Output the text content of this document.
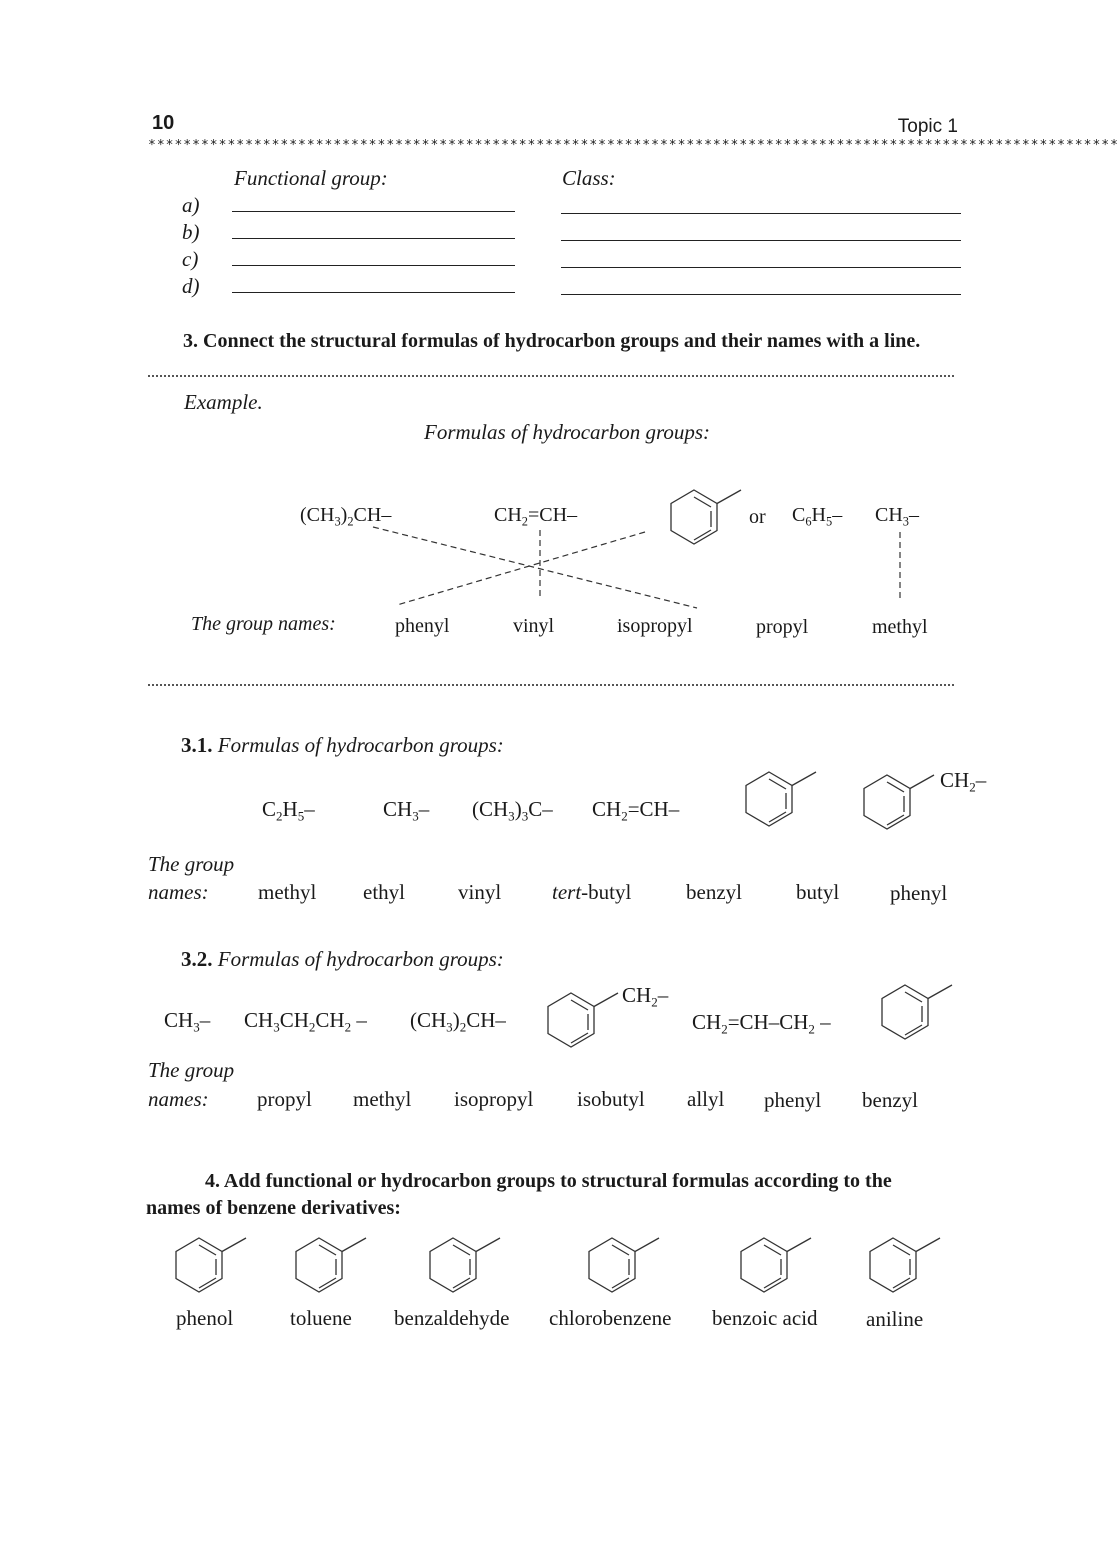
10	Topic 1
**************************************************************************************************************
Functional group:	Class:
a)
b)
c)
d)
3. Connect the structural formulas of hydrocarbon groups and their names with a line.
Example.
Formulas of hydrocarbon groups:
$(CH_3)_2CH-$	$CH_2=CH-$	or $C_6H_5-$ $CH_3-$
The group names:	phenyl	vinyl	isopropyl	propyl	methyl
3.1. Formulas of hydrocarbon groups:
$C_2H_5-$	$CH_3-$ $(CH_3)_3C-$ $CH_2=CH-$
$CH_2-$
The group
names: methyl ethyl	vinyl tert-butyl	benzyl	butyl phenyl
3.2. Formulas of hydrocarbon groups:
$CH_3-$ $CH_3CH_2CH_2 - (CH_3)_2CH-$
$CH_2-$
$CH_2=CH-CH_2$ –
The group
names: propyl methyl isopropyl isobutyl allyl phenyl benzyl
4. Add functional or hydrocarbon groups to structural formulas according to the
names of benzene derivatives:
phenol	toluene benzaldehyde chlorobenzene benzoic acid aniline
